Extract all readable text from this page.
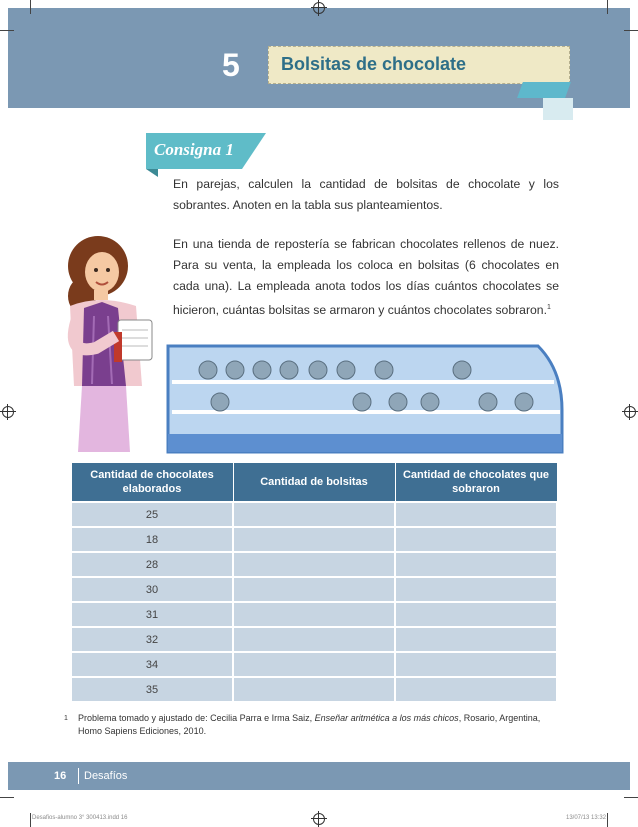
5 Bolsitas de chocolate
Consigna 1

En parejas, calculen la cantidad de bolsitas de chocolate y los sobrantes. Anoten en la tabla sus planteamientos.

En una tienda de repostería se fabrican chocolates rellenos de nuez. Para su venta, la empleada los coloca en bolsitas (6 chocolates en cada una). La empleada anota todos los días cuántos chocolates se hicieron, cuántas bolsitas se armaron y cuántos chocolates sobraron.$^1$

Cantidad de chocolates elaborados	Cantidad de bolsitas	Cantidad de chocolates que sobraron
25		
18		
28		
30		
31		
32		
34		
35		
1 Problema tomado y ajustado de: Cecilia Parra e Irma Saiz, Enseñar aritmética a los más chicos, Rosario, Argentina, Homo Sapiens Ediciones, 2010.
16 Desafíos
Desafios-alumno 3° 300413.indd 16	13/07/13 13:32
